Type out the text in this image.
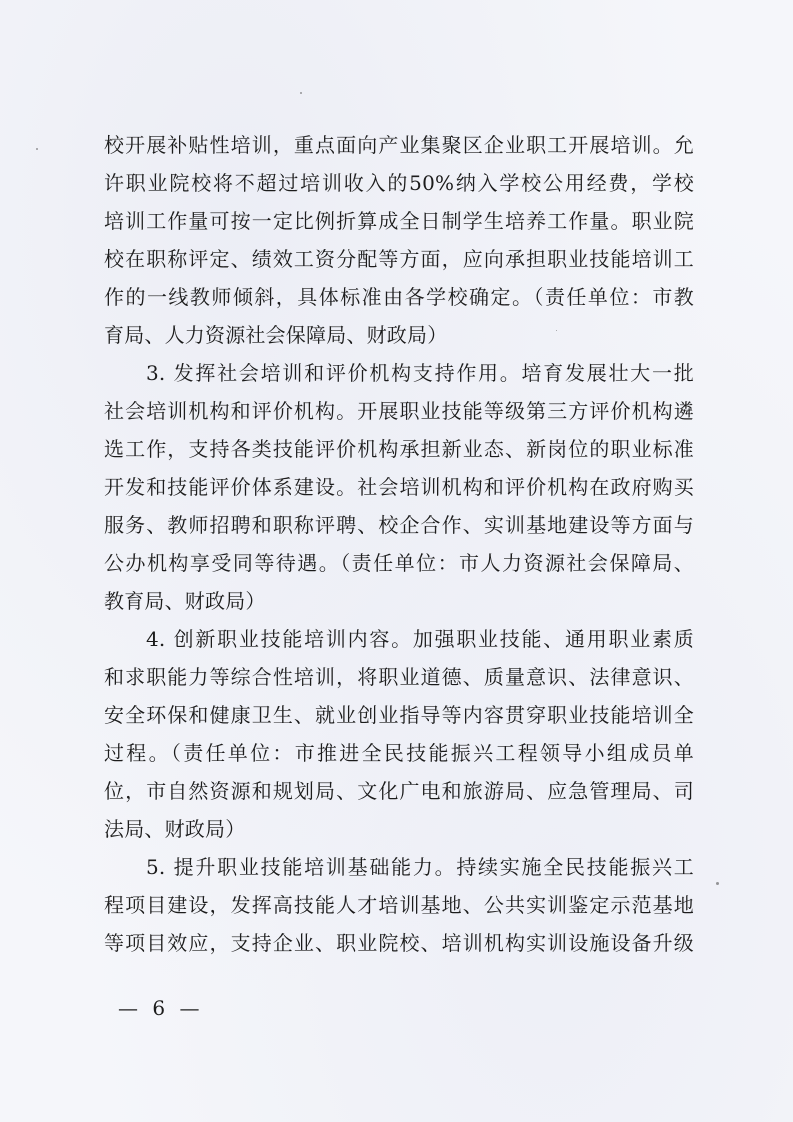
校开展补贴性培训，重点面向产业集聚区企业职工开展培训。允
许职业院校将不超过培训收入的50%纳入学校公用经费，学校
培训工作量可按一定比例折算成全日制学生培养工作量。职业院
校在职称评定、绩效工资分配等方面，应向承担职业技能培训工
作的一线教师倾斜，具体标准由各学校确定。（责任单位：市教
育局、人力资源社会保障局、财政局）
3. 发挥社会培训和评价机构支持作用。培育发展壮大一批
社会培训机构和评价机构。开展职业技能等级第三方评价机构遴
选工作，支持各类技能评价机构承担新业态、新岗位的职业标准
开发和技能评价体系建设。社会培训机构和评价机构在政府购买
服务、教师招聘和职称评聘、校企合作、实训基地建设等方面与
公办机构享受同等待遇。（责任单位：市人力资源社会保障局、
教育局、财政局）
4. 创新职业技能培训内容。加强职业技能、通用职业素质
和求职能力等综合性培训，将职业道德、质量意识、法律意识、
安全环保和健康卫生、就业创业指导等内容贯穿职业技能培训全
过程。（责任单位：市推进全民技能振兴工程领导小组成员单
位，市自然资源和规划局、文化广电和旅游局、应急管理局、司
法局、财政局）
5. 提升职业技能培训基础能力。持续实施全民技能振兴工
程项目建设，发挥高技能人才培训基地、公共实训鉴定示范基地
等项目效应，支持企业、职业院校、培训机构实训设施设备升级
— 6 —
